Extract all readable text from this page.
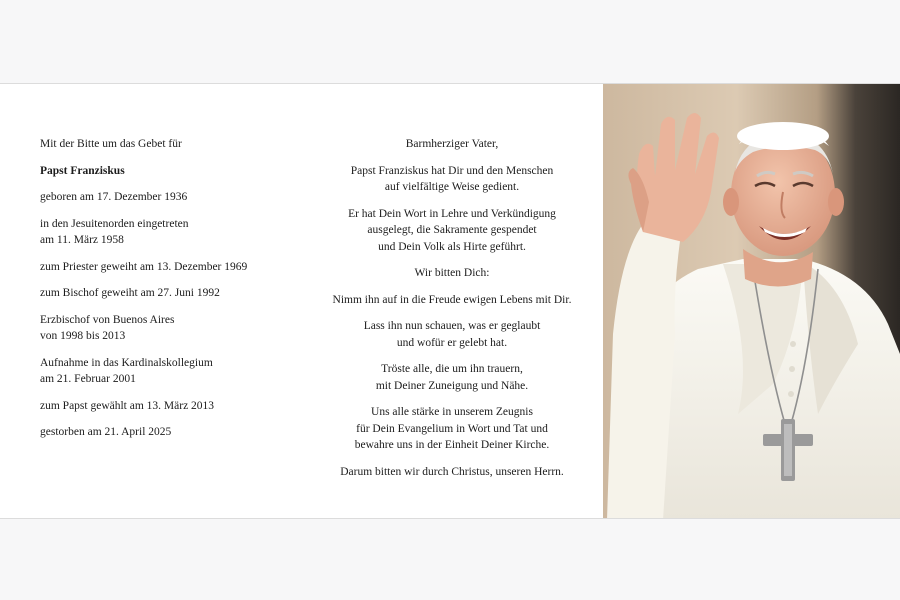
Mit der Bitte um das Gebet für
Papst Franziskus
geboren am 17. Dezember 1936
in den Jesuitenorden eingetreten
am 11. März 1958
zum Priester geweiht am 13. Dezember 1969
zum Bischof geweiht am 27. Juni 1992
Erzbischof von Buenos Aires
von 1998 bis 2013
Aufnahme in das Kardinalskollegium
am 21. Februar 2001
zum Papst gewählt am 13. März 2013
gestorben am 21. April 2025
Barmherziger Vater,
Papst Franziskus hat Dir und den Menschen
auf vielfältige Weise gedient.
Er hat Dein Wort in Lehre und Verkündigung
ausgelegt, die Sakramente gespendet
und Dein Volk als Hirte geführt.
Wir bitten Dich:
Nimm ihn auf in die Freude ewigen Lebens mit Dir.
Lass ihn nun schauen, was er geglaubt
und wofür er gelebt hat.
Tröste alle, die um ihn trauern,
mit Deiner Zuneigung und Nähe.
Uns alle stärke in unserem Zeugnis
für Dein Evangelium in Wort und Tat und
bewahre uns in der Einheit Deiner Kirche.
Darum bitten wir durch Christus, unseren Herrn.
